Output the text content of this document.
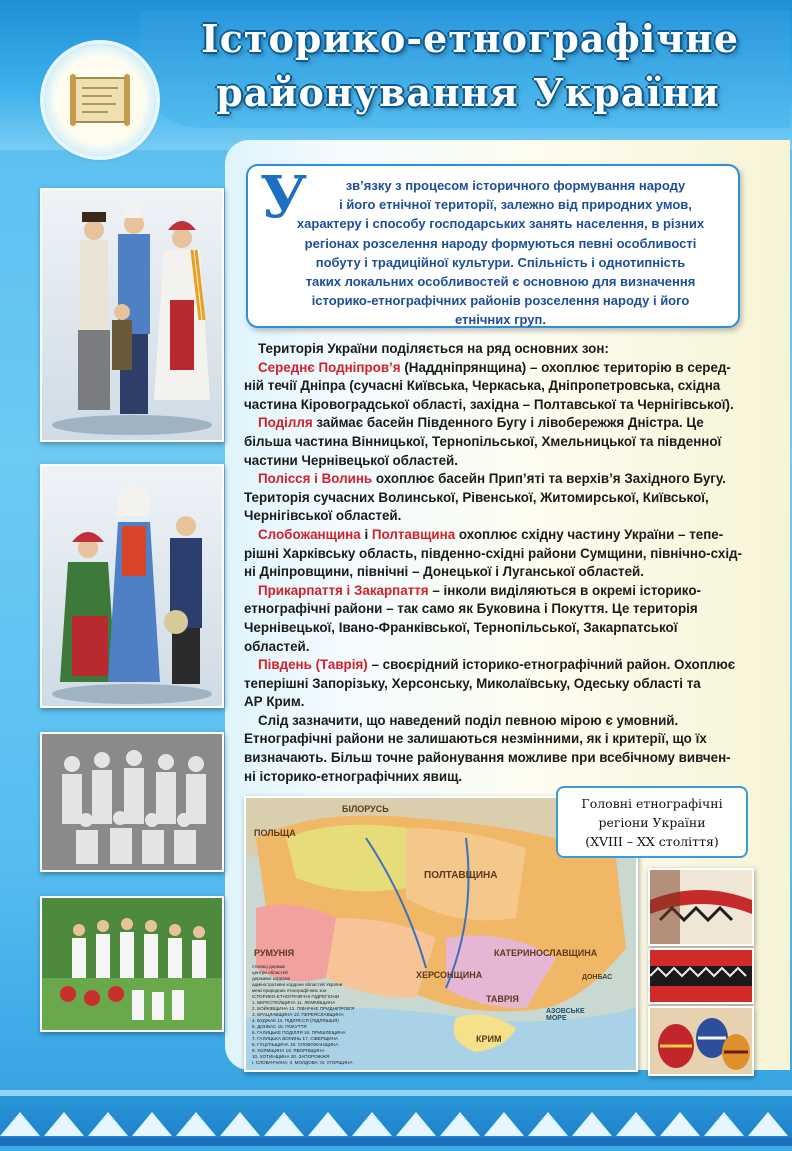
Історико-етнографічне
районування України
У	зв’язку з процесом історичного формування народу
і його етнічної території, залежно від природних умов,
характеру і способу господарських занять населення, в різних
регіонах розселення народу формуються певні особливості
побуту і традиційної культури. Спільність і однотипність
таких локальних особливостей є основною для визначення
історико-етнографічних районів розселення народу і його
етнічних груп.
Територія України поділяється на ряд основних зон:
Середнє Подніпров’я (Наддніпрянщина) – охоплює територію в серед-
ній течії Дніпра (сучасні Київська, Черкаська, Дніпропетровська, східна
частина Кіровоградської області, західна – Полтавської та Чернігівської).
Поділля займає басейн Південного Бугу і лівобережжя Дністра. Це
більша частина Вінницької, Тернопільської, Хмельницької та південної
частини Чернівецької областей.
Полісся і Волинь охоплює басейн Прип’яті та верхів’я Західного Бугу.
Територія сучасних Волинської, Рівенської, Житомирської, Київської,
Чернігівської областей.
Слобожанщина і Полтавщина охоплює східну частину України – тепе-
рішні Харківську область, південно-східні райони Сумщини, північно-схід-
ні Дніпровщини, північні – Донецької і Луганської областей.
Прикарпаття і Закарпаття – інколи виділяються в окремі історико-
етнографічні райони – так само як Буковина і Покуття. Це територія
Чернівецької, Івано-Франківської, Тернопільської, Закарпатської
областей.
Південь (Таврія) – своєрідний історико-етнографічний район. Охоплює
теперішні Запорізьку, Херсонську, Миколаївську, Одеську області та
АР Крим.
Слід зазначити, що наведений поділ певною мірою є умовний.
Етнографічні райони не залишаються незмінними, як і критерії, що їх
визначають. Більш точне районування можливе при всебічному вивчен-
ні історико-етнографічних явищ.
БІЛОРУСЬ
ПОЛЬЩА
РУМУНІЯ
ПОЛТАВЩИНА
КАТЕРИНОСЛАВЩИНА
ХЕРСОНЩИНА
ТАВРІЯ
КРИМ
АЗОВСЬКЕ МОРЕ
ДОНБАС
столиці держав
центри областей
державні кордони
адміністративні кордони областей України
межі природних етнографічних зон
ІСТОРИКО-ЕТНОГРАФІЧНІ ПІДРЕГІОНИ
1. БЕРЕСТЕЙЩИНА 11. ЛЕМКІВЩИНА
2. БОЙКІВЩИНА 12. ПІВНІЧНЕ ПРИДНІПРОВ'Я
3. БРАЦЛАВЩИНА 13. ПЕРЕЯСЛАВЩИНА
4. БУДЖАК 14. ПІДЛЯССЯ (ПІДЛЯШШЯ)
5. ДОНБАС 15. ПОКУТТЯ
6. ГАЛИЦЬКЕ ПОДІЛЛЯ 16. ПРИШЛЕЩИНА
7. ГАЛИЦЬКА ВОЛИНЬ 17. СІВЕРЩИНА
8. ГУЦУЛЬЩИНА 18. СЛОБОЖАНЩИНА
9. ХОЛМЩИНА 19. ЯВОРІВЩИНА
10. ХОТИНЩИНА 20. ЗАПОРОЖЖЯ
I. СЛОВАЧЧИНА; II. МОЛДОВА; III. УГОРЩИНА
Головні етнографічні
регіони України
(XVIII – XX століття)
